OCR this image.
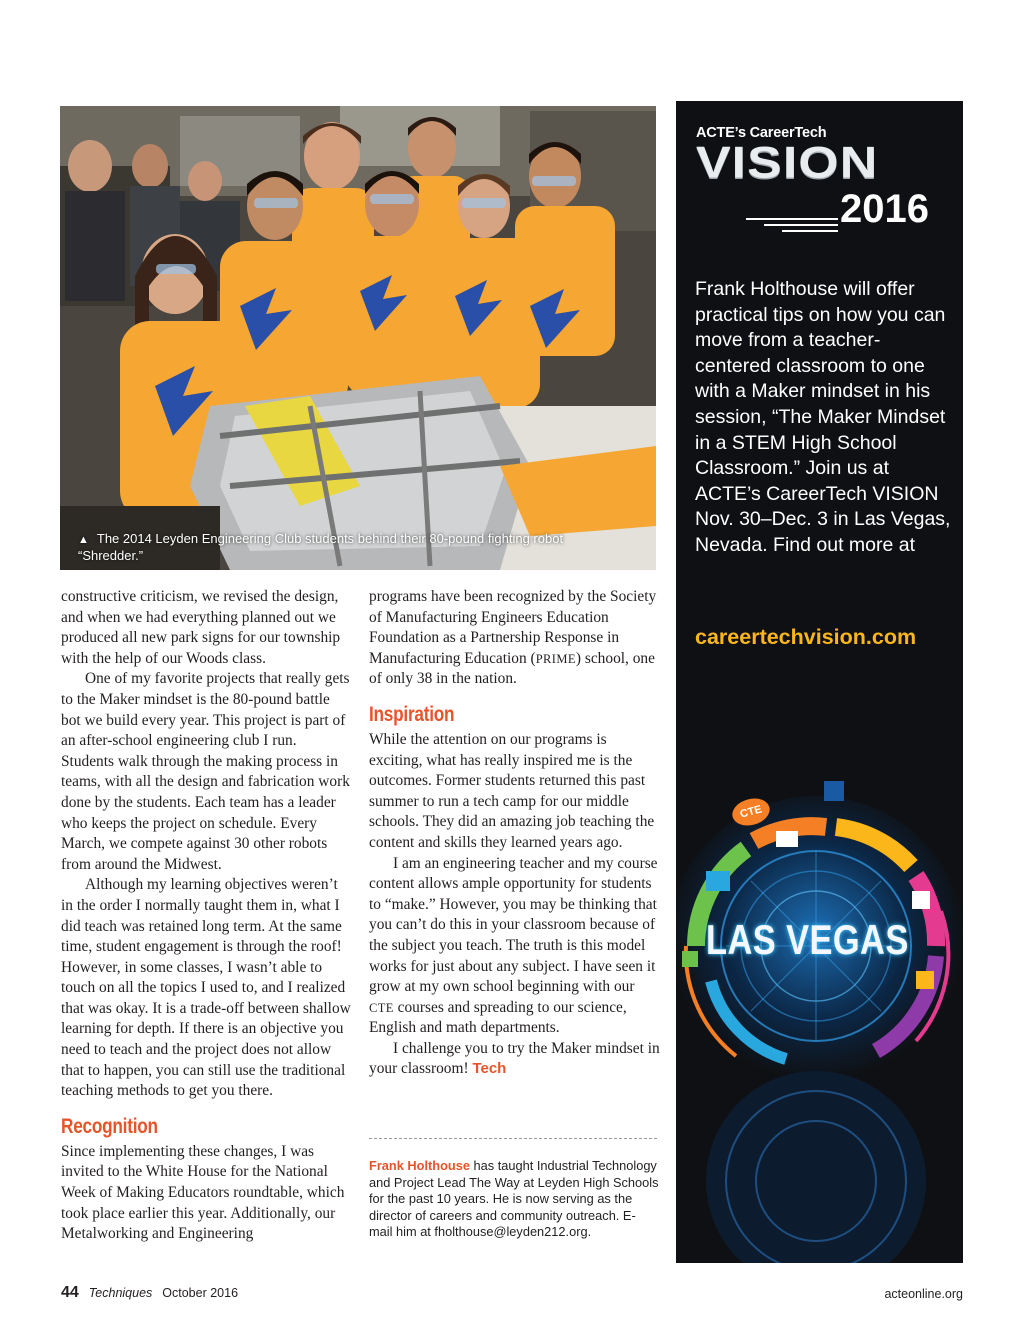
▲ The 2014 Leyden Engineering Club students behind their 80-pound fighting robot “Shredder.”

constructive criticism, we revised the design, and when we had everything planned out we produced all new park signs for our township with the help of our Woods class.

One of my favorite projects that really gets to the Maker mindset is the 80-pound battle bot we build every year. This project is part of an after-school engineering club I run. Students walk through the making process in teams, with all the design and fabrication work done by the students. Each team has a leader who keeps the project on schedule. Every March, we compete against 30 other robots from around the Midwest.

Although my learning objectives weren’t in the order I normally taught them in, what I did teach was retained long term. At the same time, student engagement is through the roof! However, in some classes, I wasn’t able to touch on all the topics I used to, and I realized that was okay. It is a trade-off between shallow learning for depth. If there is an objective you need to teach and the project does not allow that to happen, you can still use the traditional teaching methods to get you there.

Recognition

Since implementing these changes, I was invited to the White House for the National Week of Making Educators roundtable, which took place earlier this year. Additionally, our Metalworking and Engineering

programs have been recognized by the Society of Manufacturing Engineers Education Foundation as a Partnership Response in Manufacturing Education (PRIME) school, one of only 38 in the nation.

Inspiration

While the attention on our programs is exciting, what has really inspired me is the outcomes. Former students returned this past summer to run a tech camp for our middle schools. They did an amazing job teaching the content and skills they learned years ago.

I am an engineering teacher and my course content allows ample opportunity for students to “make.” However, you may be thinking that you can’t do this in your classroom because of the subject you teach. The truth is this model works for just about any subject. I have seen it grow at my own school beginning with our CTE courses and spreading to our science, English and math departments.

I challenge you to try the Maker mindset in your classroom! Tech

Frank Holthouse has taught Industrial Technology and Project Lead The Way at Leyden High Schools for the past 10 years. He is now serving as the director of careers and community outreach. E-mail him at fholthouse@leyden212.org.
44 Techniques October 2016	acteonline.org
ACTE’s CareerTech
VISION
2016
Frank Holthouse will offer practical tips on how you can move from a teacher-centered classroom to one with a Maker mindset in his session, “The Maker Mindset in a STEM High School Classroom.” Join us at ACTE’s CareerTech VISION Nov. 30–Dec. 3 in Las Vegas, Nevada. Find out more at
careertechvision.com
CTE
LAS VEGAS
